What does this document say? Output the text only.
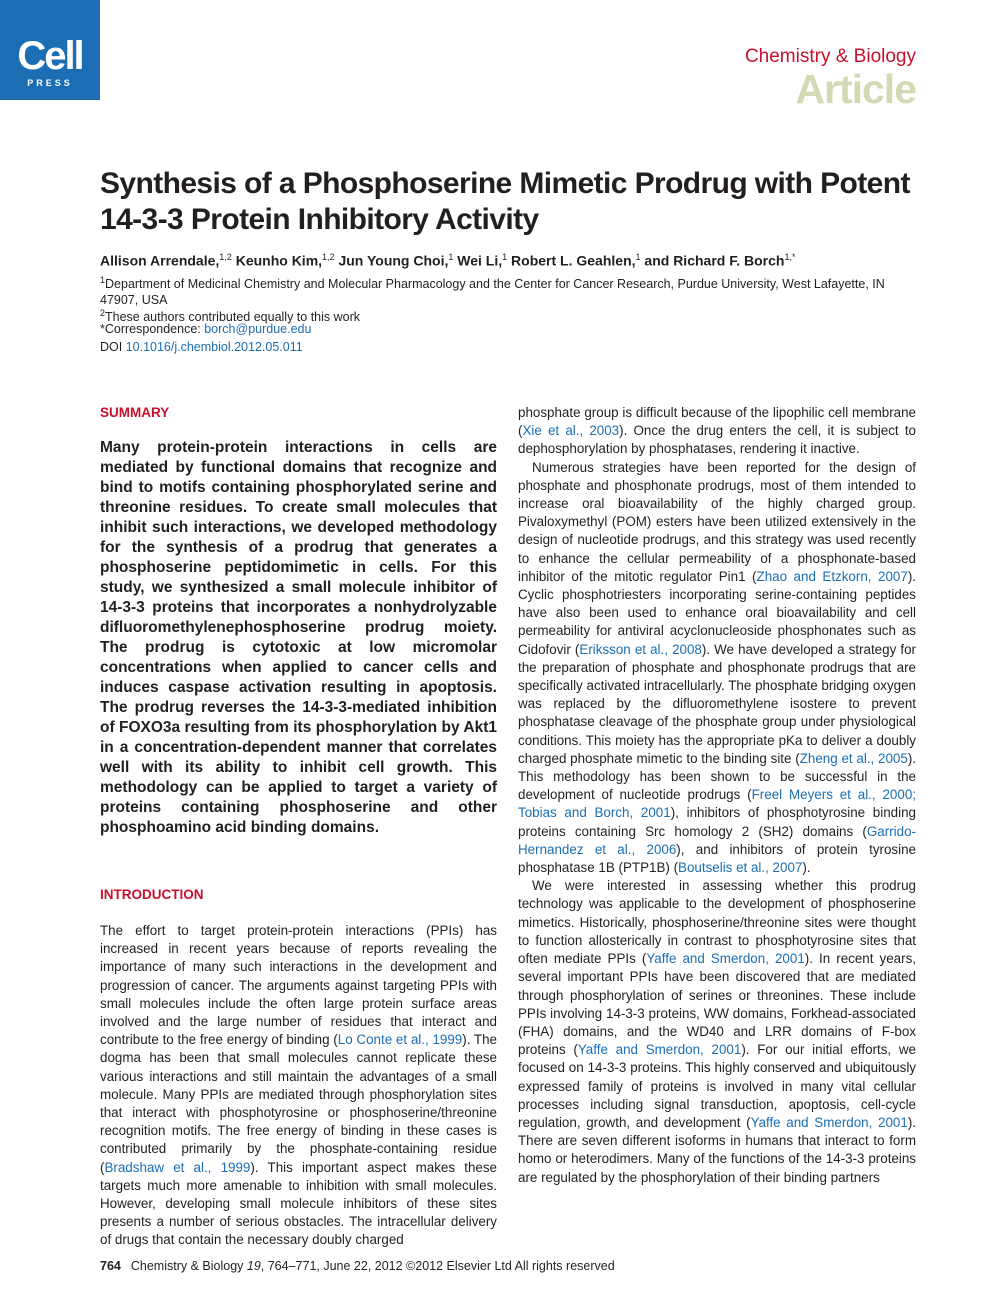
Cell
PRESS
Chemistry & Biology
Article
Synthesis of a Phosphoserine Mimetic Prodrug with Potent 14-3-3 Protein Inhibitory Activity
Allison Arrendale,$^{1,2}$ Keunho Kim,$^{1,2}$ Jun Young Choi,$^1$ Wei Li,$^1$ Robert L. Geahlen,$^1$ and Richard F. Borch$^{1,*}$
$^1$Department of Medicinal Chemistry and Molecular Pharmacology and the Center for Cancer Research, Purdue University, West Lafayette, IN 47907, USA
$^2$These authors contributed equally to this work
*Correspondence: borch@purdue.edu
DOI 10.1016/j.chembiol.2012.05.011
SUMMARY

Many protein-protein interactions in cells are mediated by functional domains that recognize and bind to motifs containing phosphorylated serine and threonine residues. To create small molecules that inhibit such interactions, we developed methodology for the synthesis of a prodrug that generates a phosphoserine peptidomimetic in cells. For this study, we synthesized a small molecule inhibitor of 14-3-3 proteins that incorporates a nonhydrolyzable difluoromethylenephosphoserine prodrug moiety. The prodrug is cytotoxic at low micromolar concentrations when applied to cancer cells and induces caspase activation resulting in apoptosis. The prodrug reverses the 14-3-3-mediated inhibition of FOXO3a resulting from its phosphorylation by Akt1 in a concentration-dependent manner that correlates well with its ability to inhibit cell growth. This methodology can be applied to target a variety of proteins containing phosphoserine and other phosphoamino acid binding domains.

INTRODUCTION

The effort to target protein-protein interactions (PPIs) has increased in recent years because of reports revealing the importance of many such interactions in the development and progression of cancer. The arguments against targeting PPIs with small molecules include the often large protein surface areas involved and the large number of residues that interact and contribute to the free energy of binding (Lo Conte et al., 1999). The dogma has been that small molecules cannot replicate these various interactions and still maintain the advantages of a small molecule. Many PPIs are mediated through phosphorylation sites that interact with phosphotyrosine or phosphoserine/threonine recognition motifs. The free energy of binding in these cases is contributed primarily by the phosphate-containing residue (Bradshaw et al., 1999). This important aspect makes these targets much more amenable to inhibition with small molecules. However, developing small molecule inhibitors of these sites presents a number of serious obstacles. The intracellular delivery of drugs that contain the necessary doubly charged

phosphate group is difficult because of the lipophilic cell membrane (Xie et al., 2003). Once the drug enters the cell, it is subject to dephosphorylation by phosphatases, rendering it inactive.

Numerous strategies have been reported for the design of phosphate and phosphonate prodrugs, most of them intended to increase oral bioavailability of the highly charged group. Pivaloxymethyl (POM) esters have been utilized extensively in the design of nucleotide prodrugs, and this strategy was used recently to enhance the cellular permeability of a phosphonate-based inhibitor of the mitotic regulator Pin1 (Zhao and Etzkorn, 2007). Cyclic phosphotriesters incorporating serine-containing peptides have also been used to enhance oral bioavailability and cell permeability for antiviral acyclonucleoside phosphonates such as Cidofovir (Eriksson et al., 2008). We have developed a strategy for the preparation of phosphate and phosphonate prodrugs that are specifically activated intracellularly. The phosphate bridging oxygen was replaced by the difluoromethylene isostere to prevent phosphatase cleavage of the phosphate group under physiological conditions. This moiety has the appropriate pKa to deliver a doubly charged phosphate mimetic to the binding site (Zheng et al., 2005). This methodology has been shown to be successful in the development of nucleotide prodrugs (Freel Meyers et al., 2000; Tobias and Borch, 2001), inhibitors of phosphotyrosine binding proteins containing Src homology 2 (SH2) domains (Garrido-Hernandez et al., 2006), and inhibitors of protein tyrosine phosphatase 1B (PTP1B) (Boutselis et al., 2007).

We were interested in assessing whether this prodrug technology was applicable to the development of phosphoserine mimetics. Historically, phosphoserine/threonine sites were thought to function allosterically in contrast to phosphotyrosine sites that often mediate PPIs (Yaffe and Smerdon, 2001). In recent years, several important PPIs have been discovered that are mediated through phosphorylation of serines or threonines. These include PPIs involving 14-3-3 proteins, WW domains, Forkhead-associated (FHA) domains, and the WD40 and LRR domains of F-box proteins (Yaffe and Smerdon, 2001). For our initial efforts, we focused on 14-3-3 proteins. This highly conserved and ubiquitously expressed family of proteins is involved in many vital cellular processes including signal transduction, apoptosis, cell-cycle regulation, growth, and development (Yaffe and Smerdon, 2001). There are seven different isoforms in humans that interact to form homo or heterodimers. Many of the functions of the 14-3-3 proteins are regulated by the phosphorylation of their binding partners

764 Chemistry & Biology 19, 764–771, June 22, 2012 ©2012 Elsevier Ltd All rights reserved
